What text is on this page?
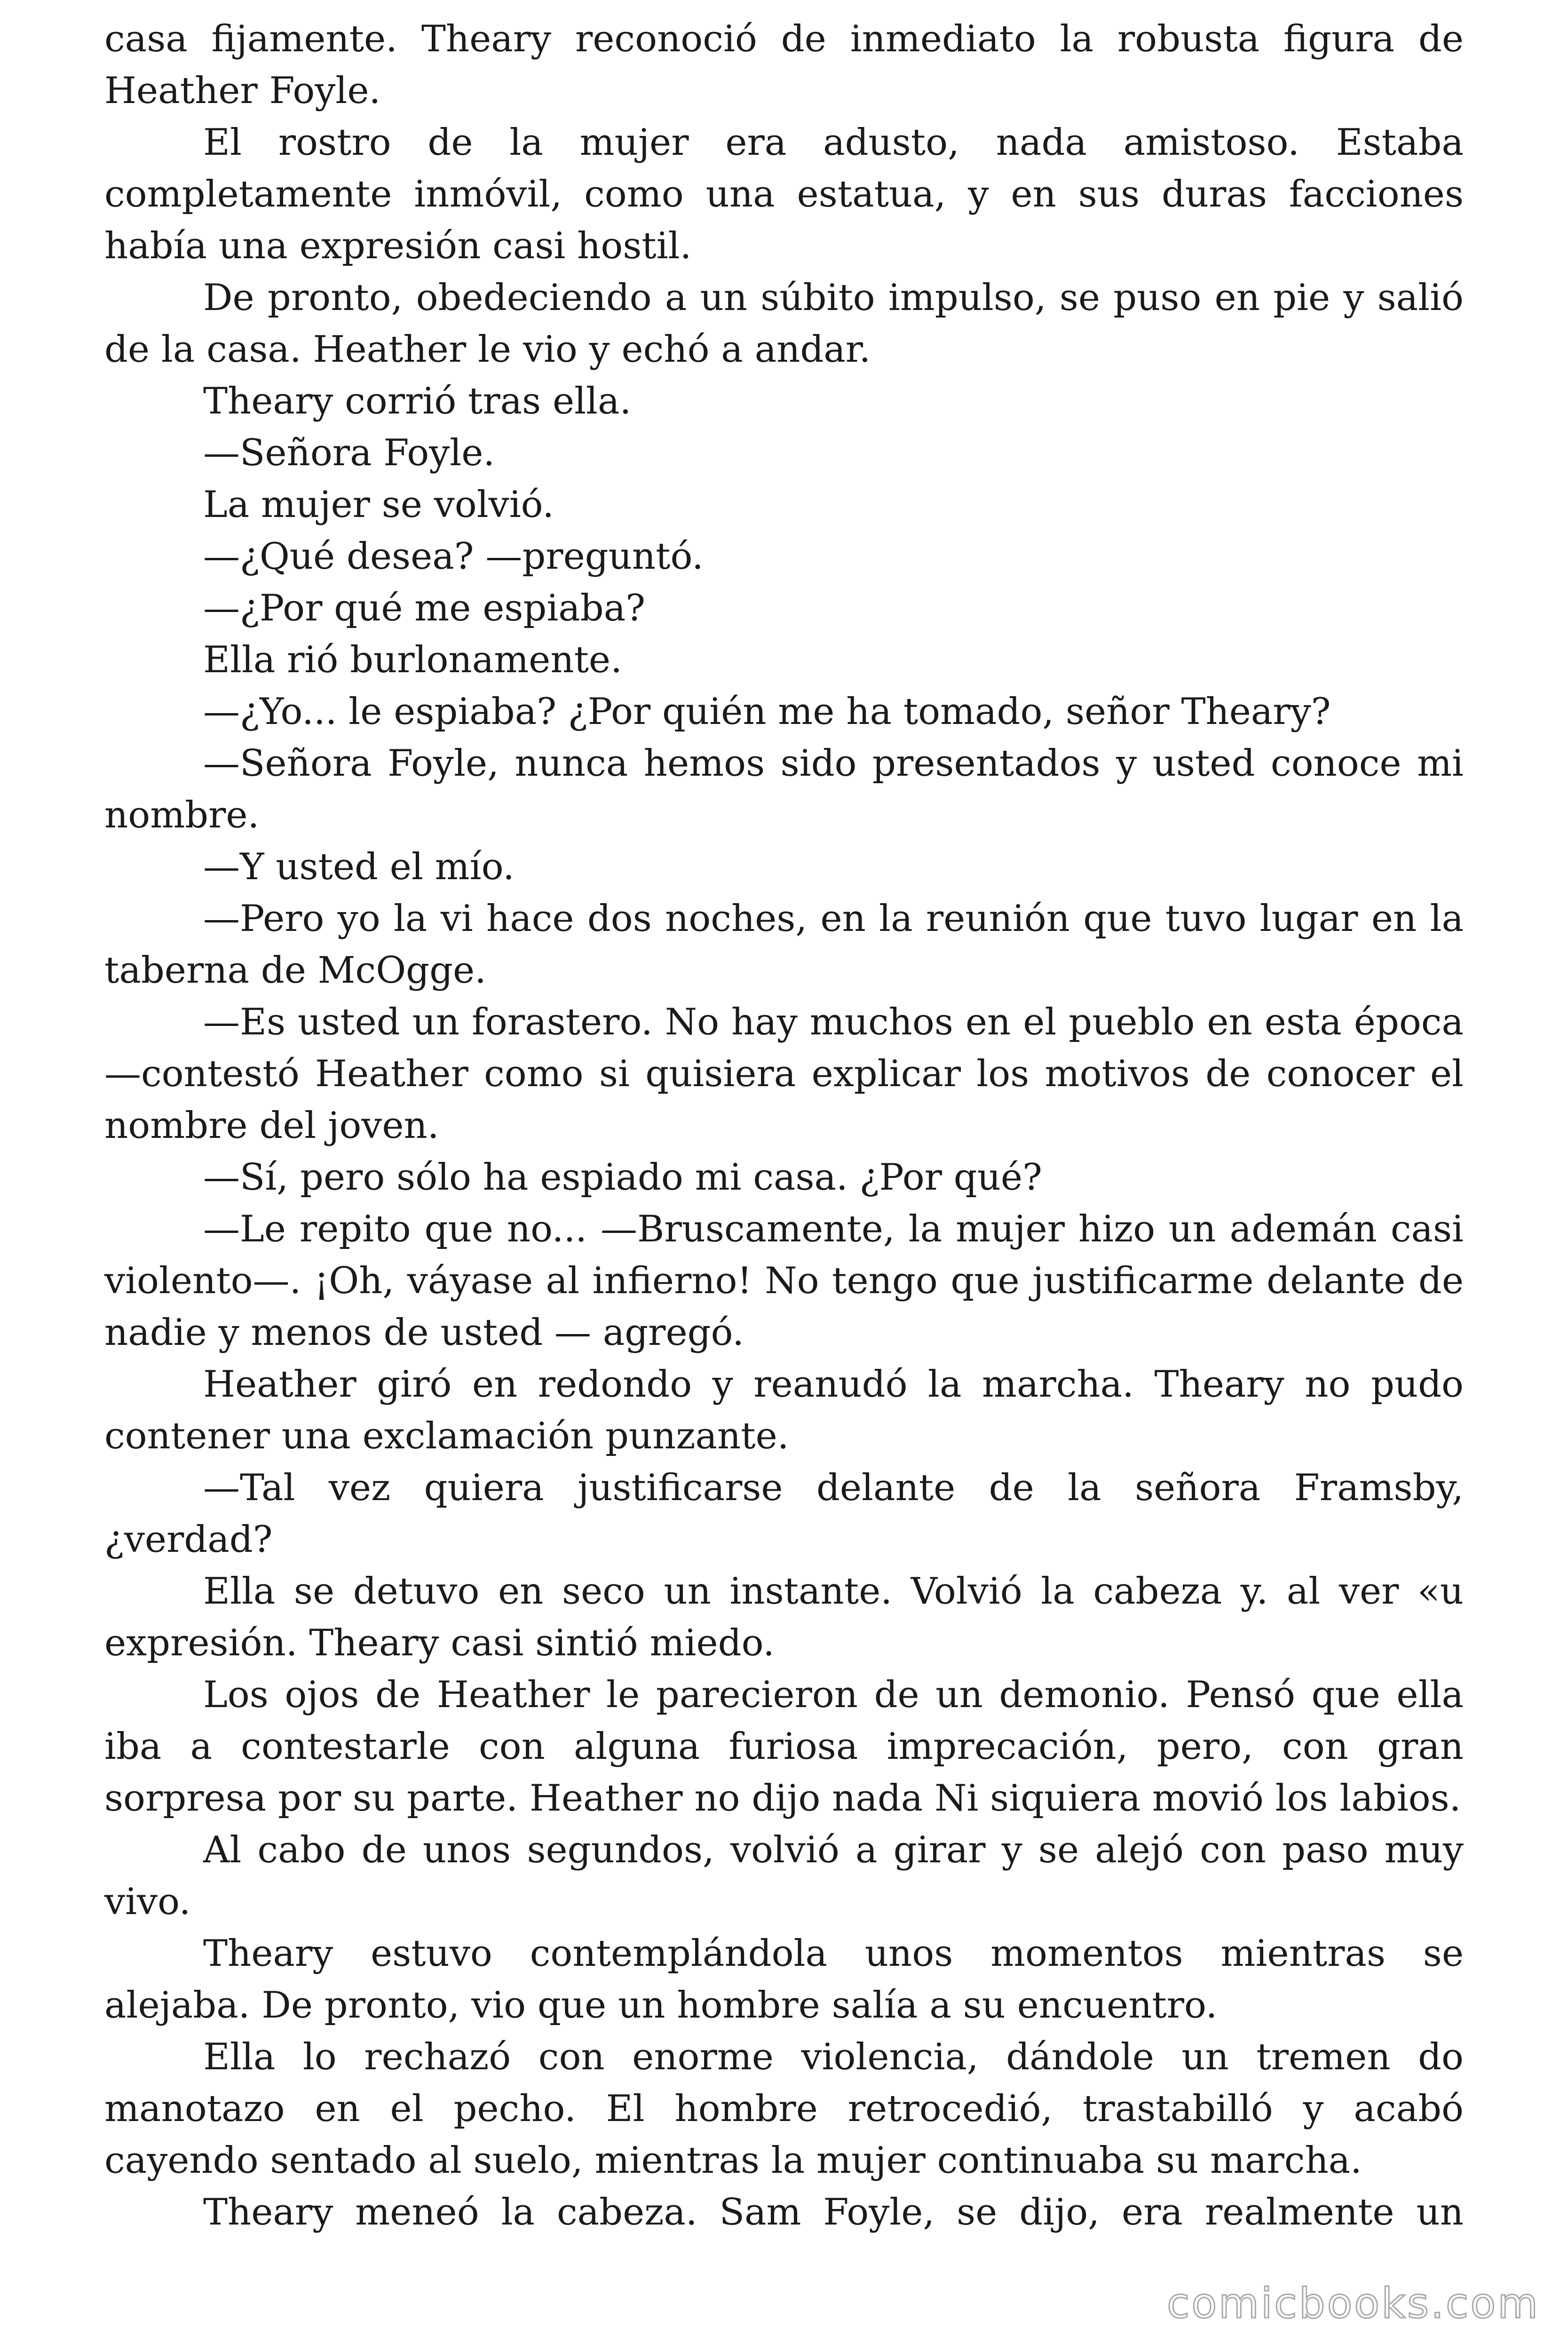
casa fijamente. Theary reconoció de inmediato la robusta figura de Heather Foyle.

El rostro de la mujer era adusto, nada amistoso. Estaba completamente inmóvil, como una estatua, y en sus duras facciones había una expresión casi hostil.

De pronto, obedeciendo a un súbito impulso, se puso en pie y salió de la casa. Heather le vio y echó a andar.

Theary corrió tras ella.

—Señora Foyle.

La mujer se volvió.

—¿Qué desea? —preguntó.

—¿Por qué me espiaba?

Ella rió burlonamente.

—¿Yo... le espiaba? ¿Por quién me ha tomado, señor Theary?

—Señora Foyle, nunca hemos sido presentados y usted conoce mi nombre.

—Y usted el mío.

—Pero yo la vi hace dos noches, en la reunión que tuvo lugar en la taberna de McOgge.

—Es usted un forastero. No hay muchos en el pueblo en esta época —contestó Heather como si quisiera explicar los motivos de conocer el nombre del joven.

—Sí, pero sólo ha espiado mi casa. ¿Por qué?

—Le repito que no... —Bruscamente, la mujer hizo un ademán casi violento—. ¡Oh, váyase al infierno! No tengo que justificarme delante de nadie y menos de usted — agregó.

Heather giró en redondo y reanudó la marcha. Theary no pudo contener una exclamación punzante.

—Tal vez quiera justificarse delante de la señora Framsby, ¿verdad?

Ella se detuvo en seco un instante. Volvió la cabeza y. al ver «u expresión. Theary casi sintió miedo.

Los ojos de Heather le parecieron de un demonio. Pensó que ella iba a contestarle con alguna furiosa imprecación, pero, con gran sorpresa por su parte. Heather no dijo nada Ni siquiera movió los labios.

Al cabo de unos segundos, volvió a girar y se alejó con paso muy vivo.

Theary estuvo contemplándola unos momentos mientras se alejaba. De pronto, vio que un hombre salía a su encuentro.

Ella lo rechazó con enorme violencia, dándole un tremen do manotazo en el pecho. El hombre retrocedió, trastabilló y acabó cayendo sentado al suelo, mientras la mujer continuaba su marcha.

Theary meneó la cabeza. Sam Foyle, se dijo, era realmente un

comicbooks.com
